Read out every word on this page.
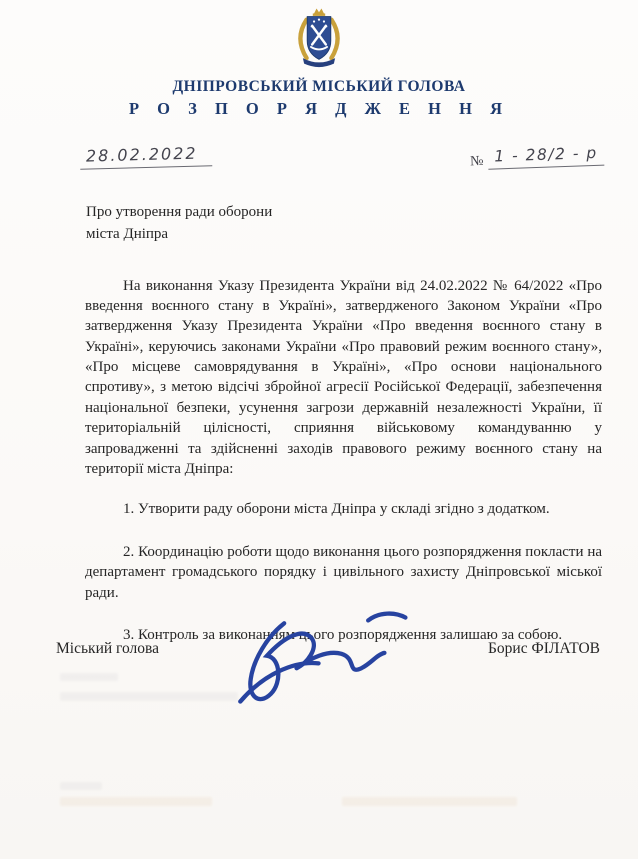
ДНІПРОВСЬКИЙ МІСЬКИЙ ГОЛОВА
Р О З П О Р Я Д Ж Е Н Н Я
28.02.2022	№ 1 - 28/2 - р
Про утворення ради оборони
міста Дніпра

На виконання Указу Президента України від 24.02.2022 № 64/2022 «Про введення воєнного стану в Україні», затвердженого Законом України «Про затвердження Указу Президента України «Про введення воєнного стану в Україні», керуючись законами України «Про правовий режим воєнного стану», «Про місцеве самоврядування в Україні», «Про основи національного спротиву», з метою відсічі збройної агресії Російської Федерації, забезпечення національної безпеки, усунення загрози державній незалежності України, її територіальній цілісності, сприяння військовому командуванню у запровадженні та здійсненні заходів правового режиму воєнного стану на території міста Дніпра:

1. Утворити раду оборони міста Дніпра у складі згідно з додатком.
2. Координацію роботи щодо виконання цього розпорядження покласти на департамент громадського порядку і цивільного захисту Дніпровської міської ради.
3. Контроль за виконанням цього розпорядження залишаю за собою.
Міський голова	Борис ФІЛАТОВ
